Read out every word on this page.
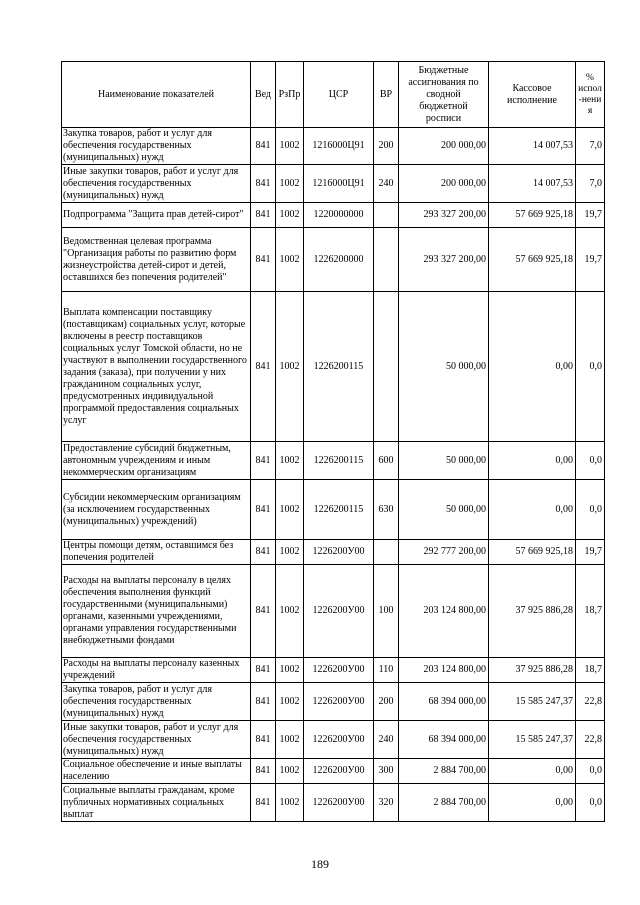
Наименование показателей	Вед	РзПр	ЦСР	ВР	Бюджетные ассигнования по сводной бюджетной росписи	Кассовое исполнение	% испол-нения
Закупка товаров, работ и услуг для обеспечения государственных (муниципальных) нужд	841	1002	1216000Ц91	200	200 000,00	14 007,53	7,0
Иные закупки товаров, работ и услуг для обеспечения государственных (муниципальных) нужд	841	1002	1216000Ц91	240	200 000,00	14 007,53	7,0
Подпрограмма "Защита прав детей-сирот"	841	1002	1220000000		293 327 200,00	57 669 925,18	19,7
Ведомственная целевая программа "Организация работы по развитию форм жизнеустройства детей-сирот и детей, оставшихся без попечения родителей"	841	1002	1226200000		293 327 200,00	57 669 925,18	19,7
Выплата компенсации поставщику (поставщикам) социальных услуг, которые включены в реестр поставщиков социальных услуг Томской области, но не участвуют в выполнении государственного задания (заказа), при получении у них гражданином социальных услуг, предусмотренных индивидуальной программой предоставления социальных услуг	841	1002	1226200115		50 000,00	0,00	0,0
Предоставление субсидий бюджетным, автономным учреждениям и иным некоммерческим организациям	841	1002	1226200115	600	50 000,00	0,00	0,0
Субсидии некоммерческим организациям (за исключением государственных (муниципальных) учреждений)	841	1002	1226200115	630	50 000,00	0,00	0,0
Центры помощи детям, оставшимся без попечения родителей	841	1002	1226200У00		292 777 200,00	57 669 925,18	19,7
Расходы на выплаты персоналу в целях обеспечения выполнения функций государственными (муниципальными) органами, казенными учреждениями, органами управления государственными внебюджетными фондами	841	1002	1226200У00	100	203 124 800,00	37 925 886,28	18,7
Расходы на выплаты персоналу казенных учреждений	841	1002	1226200У00	110	203 124 800,00	37 925 886,28	18,7
Закупка товаров, работ и услуг для обеспечения государственных (муниципальных) нужд	841	1002	1226200У00	200	68 394 000,00	15 585 247,37	22,8
Иные закупки товаров, работ и услуг для обеспечения государственных (муниципальных) нужд	841	1002	1226200У00	240	68 394 000,00	15 585 247,37	22,8
Социальное обеспечение и иные выплаты населению	841	1002	1226200У00	300	2 884 700,00	0,00	0,0
Социальные выплаты гражданам, кроме публичных нормативных социальных выплат	841	1002	1226200У00	320	2 884 700,00	0,00	0,0
189
